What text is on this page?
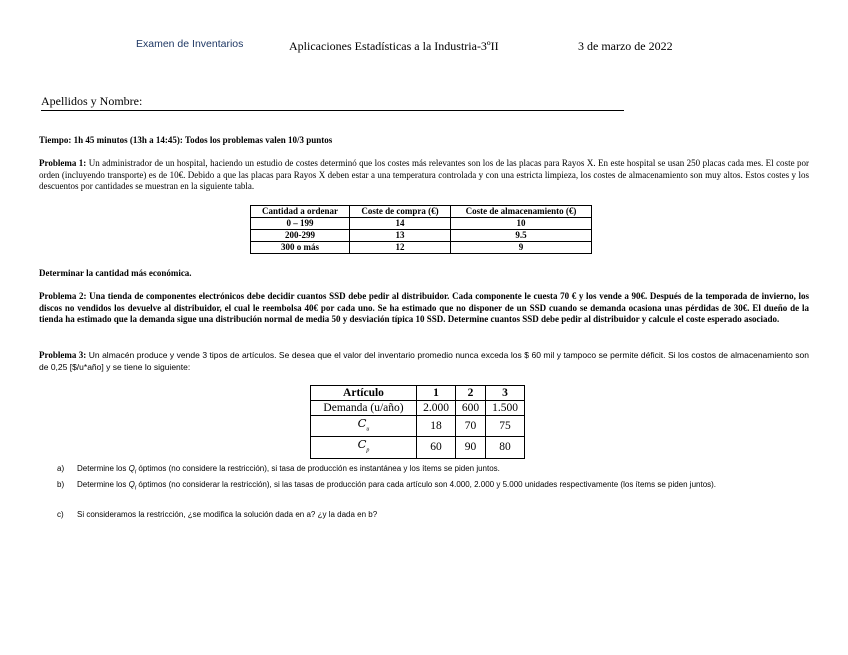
Examen de Inventarios	Aplicaciones Estadísticas a la Industria-3ºII	3 de marzo de 2022
Apellidos y Nombre:
Tiempo: 1h 45 minutos (13h a 14:45): Todos los problemas valen 10/3 puntos
Problema 1: Un administrador de un hospital, haciendo un estudio de costes determinó que los costes más relevantes son los de las placas para Rayos X. En este hospital se usan 250 placas cada mes. El coste por orden (incluyendo transporte) es de 10€. Debido a que las placas para Rayos X deben estar a una temperatura controlada y con una estricta limpieza, los costes de almacenamiento son muy altos. Estos costes y los descuentos por cantidades se muestran en la siguiente tabla.
Cantidad a ordenar	Coste de compra (€)	Coste de almacenamiento (€)
0 – 199	14	10
200-299	13	9.5
300 o más	12	9
Determinar la cantidad más económica.
Problema 2: Una tienda de componentes electrónicos debe decidir cuantos SSD debe pedir al distribuidor. Cada componente le cuesta 70 € y los vende a 90€. Después de la temporada de invierno, los discos no vendidos los devuelve al distribuidor, el cual le reembolsa 40€ por cada uno. Se ha estimado que no disponer de un SSD cuando se demanda ocasiona unas pérdidas de 30€. El dueño de la tienda ha estimado que la demanda sigue una distribución normal de media 50 y desviación típica 10 SSD. Determine cuantos SSD debe pedir al distribuidor y calcule el coste esperado asociado.
Problema 3: Un almacén produce y vende 3 tipos de artículos. Se desea que el valor del inventario promedio nunca exceda los $ 60 mil y tampoco se permite déficit. Si los costos de almacenamiento son de 0,25 [$/u*año] y se tiene lo siguiente:
Artículo	1	2	3
Demanda (u/año)	2.000	600	1.500
$C_u$	18	70	75
$C_p$	60	90	80
a) Determine los $Q_i$ óptimos (no considere la restricción), si tasa de producción es instantánea y los ítems se piden juntos.
b) Determine los $Q_i$ óptimos (no considerar la restricción), si las tasas de producción para cada artículo son 4.000, 2.000 y 5.000 unidades respectivamente (los ítems se piden juntos).
c) Si consideramos la restricción, ¿se modifica la solución dada en a? ¿y la dada en b?
